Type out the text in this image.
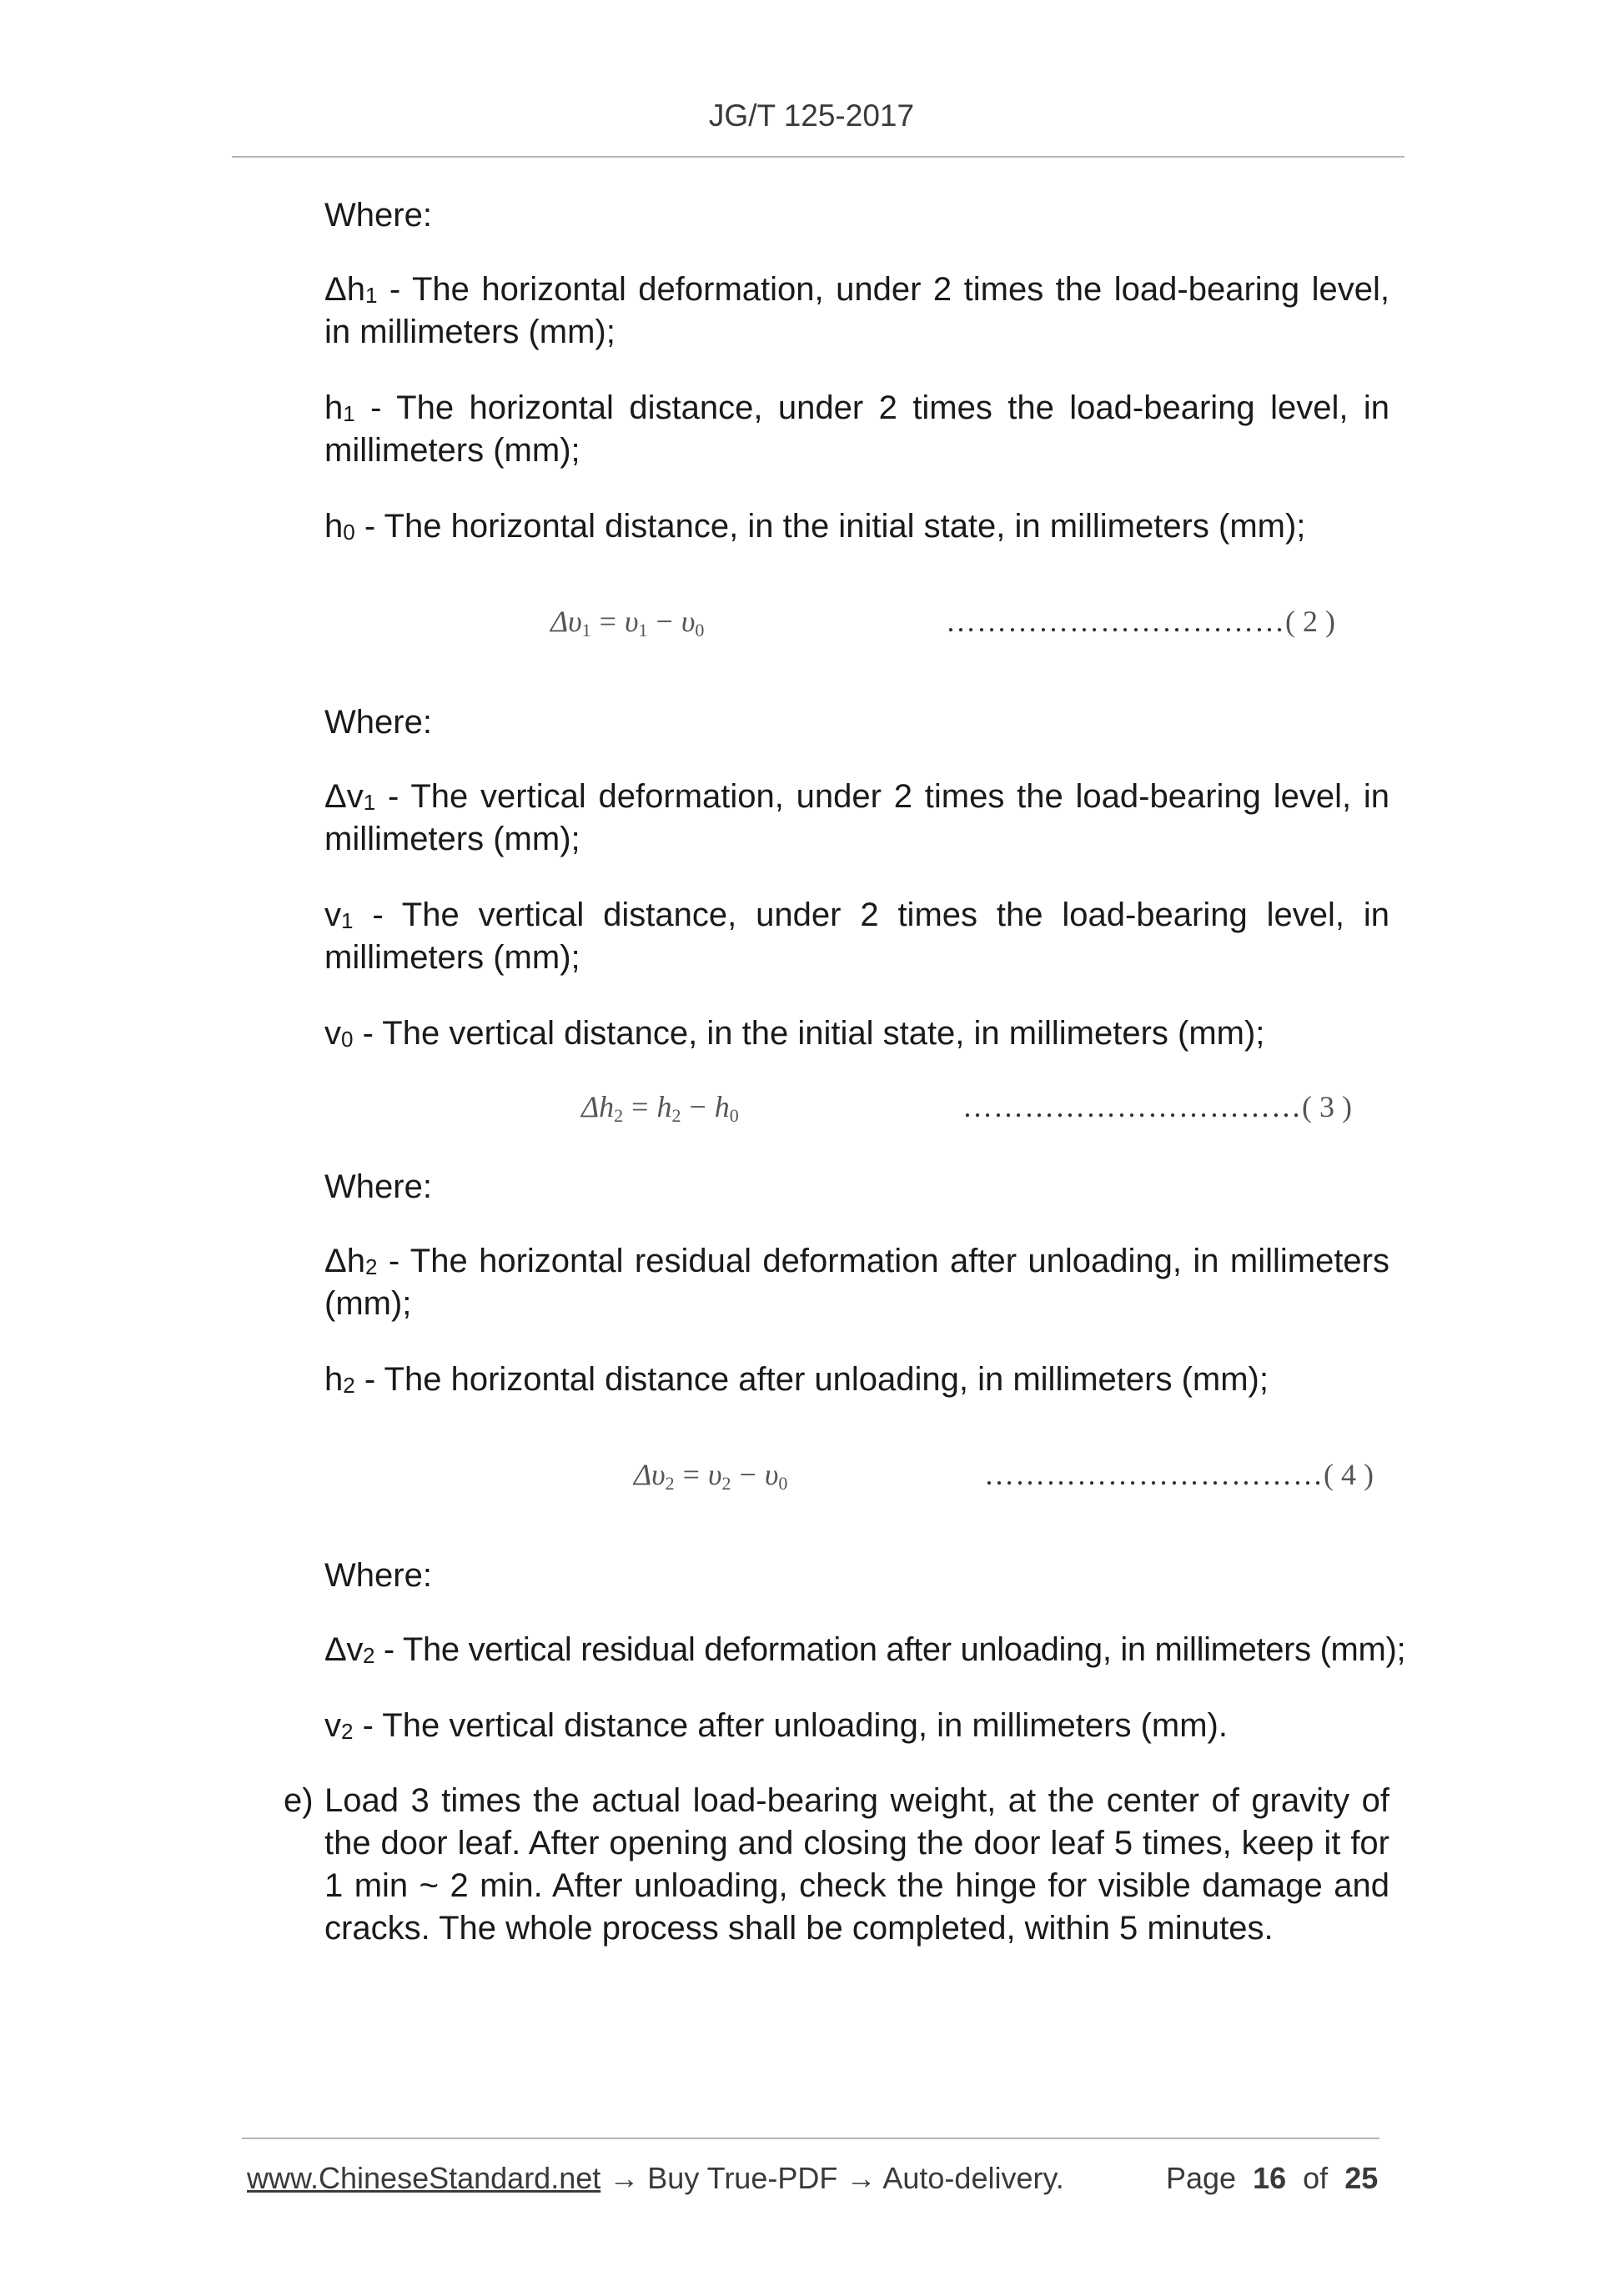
JG/T 125-2017

Where:

$\Delta h_1$ - The horizontal deformation, under 2 times the load-bearing level, in millimeters (mm);

$h_1$ - The horizontal distance, under 2 times the load-bearing level, in millimeters (mm);

$h_0$ - The horizontal distance, in the initial state, in millimeters (mm);

$\Delta\upsilon_1 = \upsilon_1 - \upsilon_0$	……………………………( 2 )

Where:

$\Delta v_1$ - The vertical deformation, under 2 times the load-bearing level, in millimeters (mm);

$v_1$ - The vertical distance, under 2 times the load-bearing level, in millimeters (mm);

$v_0$ - The vertical distance, in the initial state, in millimeters (mm);

$\Delta h_2 = h_2 - h_0$	……………………………( 3 )

Where:

$\Delta h_2$ - The horizontal residual deformation after unloading, in millimeters (mm);

$h_2$ - The horizontal distance after unloading, in millimeters (mm);

$\Delta\upsilon_2 = \upsilon_2 - \upsilon_0$	……………………………( 4 )

Where:

$\Delta v_2$ - The vertical residual deformation after unloading, in millimeters (mm);

$v_2$ - The vertical distance after unloading, in millimeters (mm).

e) Load 3 times the actual load-bearing weight, at the center of gravity of the door leaf. After opening and closing the door leaf 5 times, keep it for 1 min ~ 2 min. After unloading, check the hinge for visible damage and cracks. The whole process shall be completed, within 5 minutes.

www.ChineseStandard.net → Buy True-PDF → Auto-delivery.	Page 16 of 25
